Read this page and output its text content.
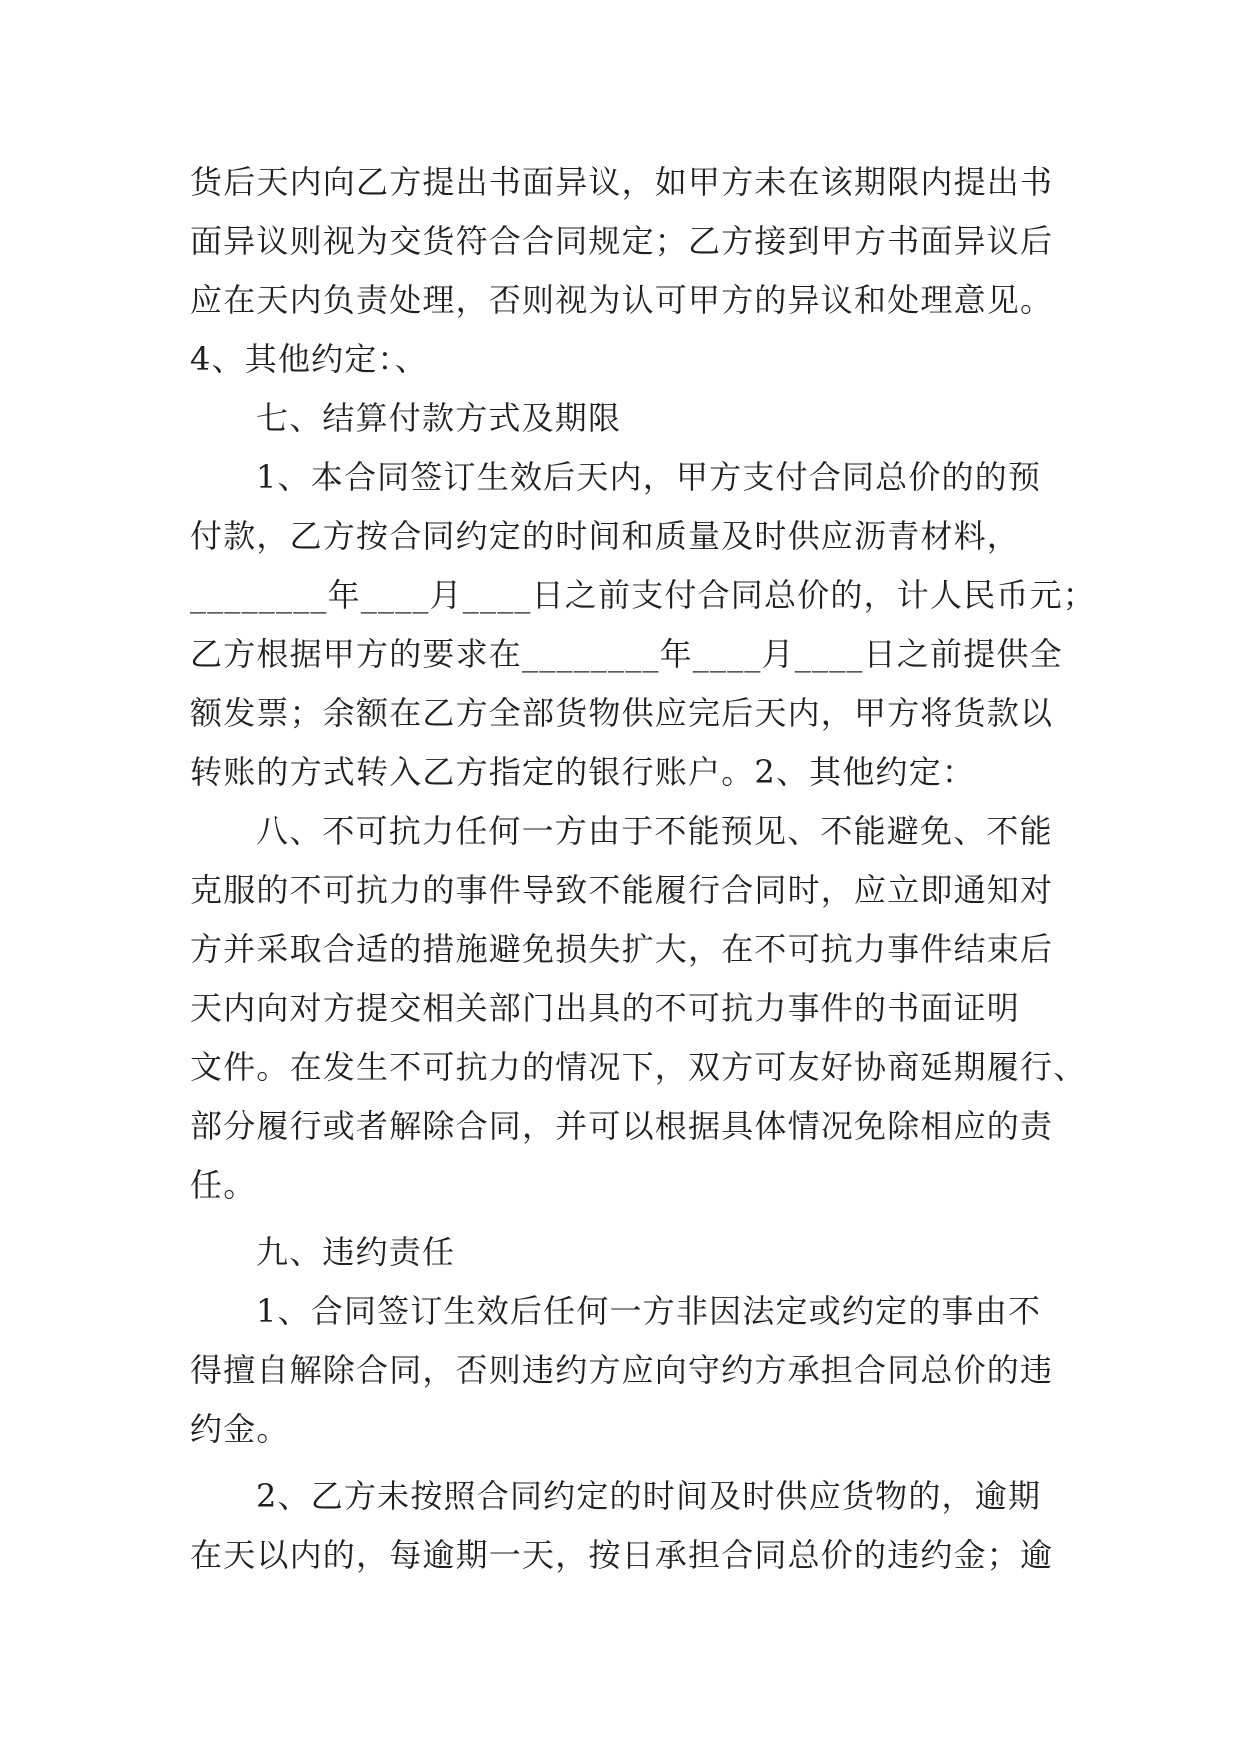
货后天内向乙方提出书面异议，如甲方未在该期限内提出书
面异议则视为交货符合合同规定；乙方接到甲方书面异议后
应在天内负责处理，否则视为认可甲方的异议和处理意见。
4、其他约定：、
七、结算付款方式及期限
1、本合同签订生效后天内，甲方支付合同总价的的预
付款，乙方按合同约定的时间和质量及时供应沥青材料，
________年____月____日之前支付合同总价的，计人民币元；
乙方根据甲方的要求在________年____月____日之前提供全
额发票；余额在乙方全部货物供应完后天内，甲方将货款以
转账的方式转入乙方指定的银行账户。2、其他约定：
八、不可抗力任何一方由于不能预见、不能避免、不能
克服的不可抗力的事件导致不能履行合同时，应立即通知对
方并采取合适的措施避免损失扩大，在不可抗力事件结束后
天内向对方提交相关部门出具的不可抗力事件的书面证明
文件。在发生不可抗力的情况下，双方可友好协商延期履行、
部分履行或者解除合同，并可以根据具体情况免除相应的责
任。
九、违约责任
1、合同签订生效后任何一方非因法定或约定的事由不
得擅自解除合同，否则违约方应向守约方承担合同总价的违
约金。
2、乙方未按照合同约定的时间及时供应货物的，逾期
在天以内的，每逾期一天，按日承担合同总价的违约金；逾
